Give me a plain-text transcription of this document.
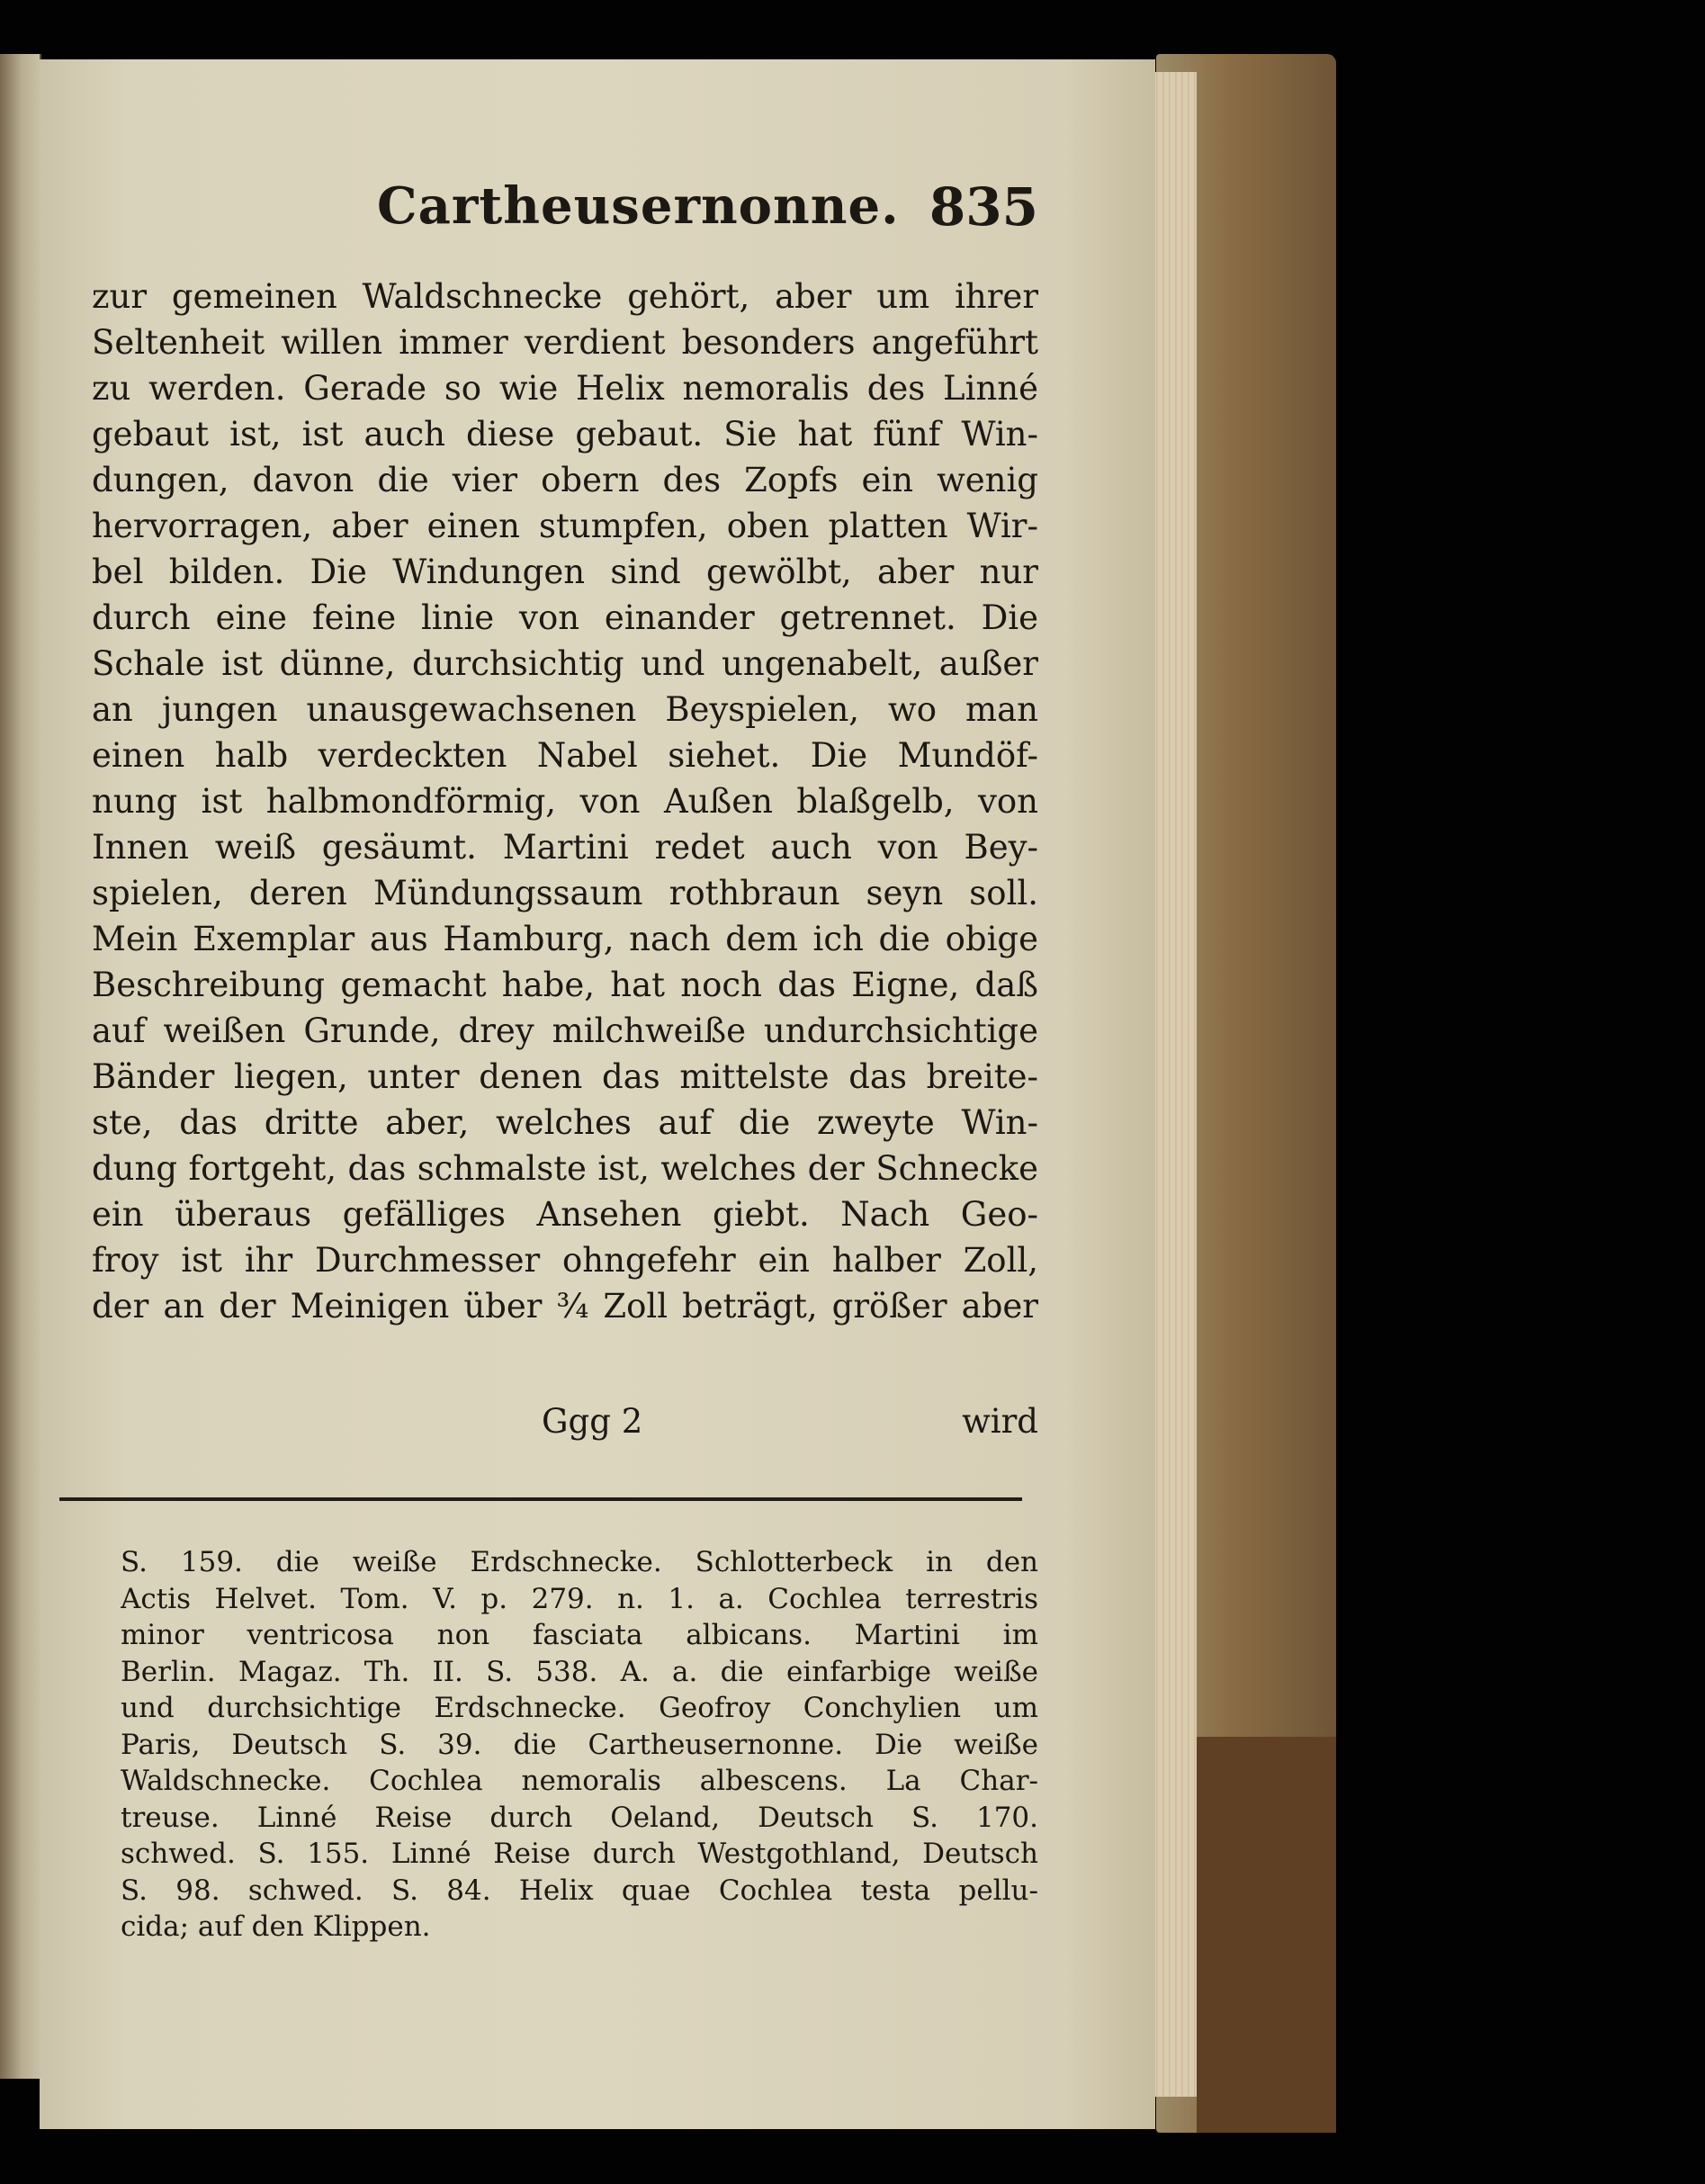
Cartheusernonne. 835
zur gemeinen Waldschnecke gehört, aber um ihrer
Seltenheit willen immer verdient besonders angeführt
zu werden. Gerade so wie Helix nemoralis des Linné
gebaut ist, ist auch diese gebaut. Sie hat fünf Win-
dungen, davon die vier obern des Zopfs ein wenig
hervorragen, aber einen stumpfen, oben platten Wir-
bel bilden. Die Windungen sind gewölbt, aber nur
durch eine feine linie von einander getrennet. Die
Schale ist dünne, durchsichtig und ungenabelt, außer
an jungen unausgewachsenen Beyspielen, wo man
einen halb verdeckten Nabel siehet. Die Mundöf-
nung ist halbmondförmig, von Außen blaßgelb, von
Innen weiß gesäumt. Martini redet auch von Bey-
spielen, deren Mündungssaum rothbraun seyn soll.
Mein Exemplar aus Hamburg, nach dem ich die obige
Beschreibung gemacht habe, hat noch das Eigne, daß
auf weißen Grunde, drey milchweiße undurchsichtige
Bänder liegen, unter denen das mittelste das breite-
ste, das dritte aber, welches auf die zweyte Win-
dung fortgeht, das schmalste ist, welches der Schnecke
ein überaus gefälliges Ansehen giebt. Nach Geo-
froy ist ihr Durchmesser ohngefehr ein halber Zoll,
der an der Meinigen über ¾ Zoll beträgt, größer aber
Ggg 2	wird
S. 159. die weiße Erdschnecke. Schlotterbeck in den
Actis Helvet. Tom. V. p. 279. n. 1. a. Cochlea terrestris
minor ventricosa non fasciata albicans. Martini im
Berlin. Magaz. Th. II. S. 538. A. a. die einfarbige weiße
und durchsichtige Erdschnecke. Geofroy Conchylien um
Paris, Deutsch S. 39. die Cartheusernonne. Die weiße
Waldschnecke. Cochlea nemoralis albescens. La Char-
treuse. Linné Reise durch Oeland, Deutsch S. 170.
schwed. S. 155. Linné Reise durch Westgothland, Deutsch
S. 98. schwed. S. 84. Helix quae Cochlea testa pellu-
cida; auf den Klippen.
